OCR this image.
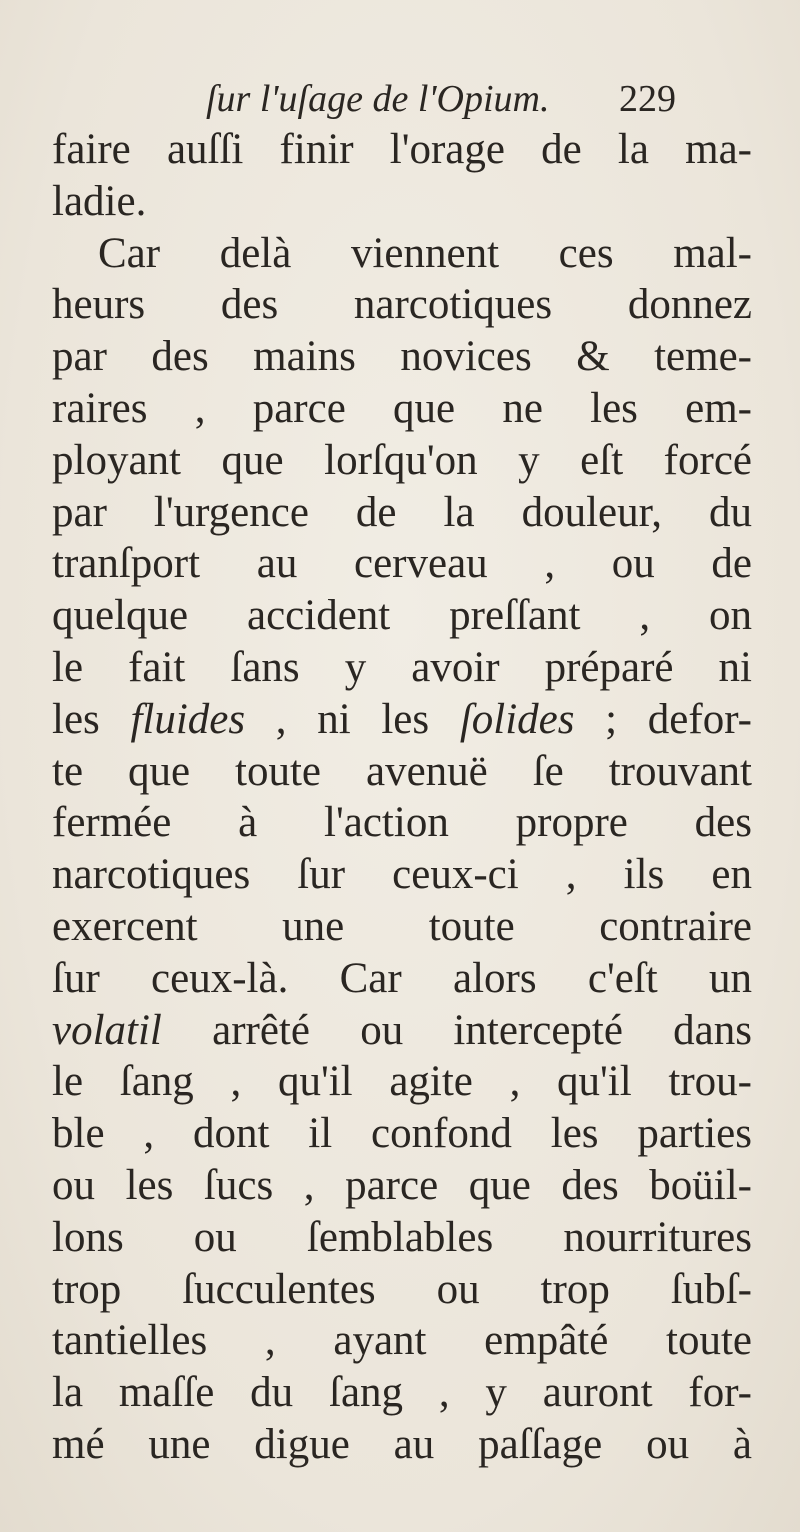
ſur l'uſage de l'Opium. 229
faire auſſi finir l'orage de la ma-
ladie.
Car delà viennent ces mal-
heurs des narcotiques donnez
par des mains novices & teme-
raires , parce que ne les em-
ployant que lorſqu'on y eſt forcé
par l'urgence de la douleur, du
tranſport au cerveau , ou de
quelque accident preſſant , on
le fait ſans y avoir préparé ni
les fluides , ni les ſolides ; defor-
te que toute avenuë ſe trouvant
fermée à l'action propre des
narcotiques ſur ceux-ci , ils en
exercent une toute contraire
ſur ceux-là. Car alors c'eſt un
volatil arrêté ou intercepté dans
le ſang , qu'il agite , qu'il trou-
ble , dont il confond les parties
ou les ſucs , parce que des boüil-
lons ou ſemblables nourritures
trop ſucculentes ou trop ſubſ-
tantielles , ayant empâté toute
la maſſe du ſang , y auront for-
mé une digue au paſſage ou à
